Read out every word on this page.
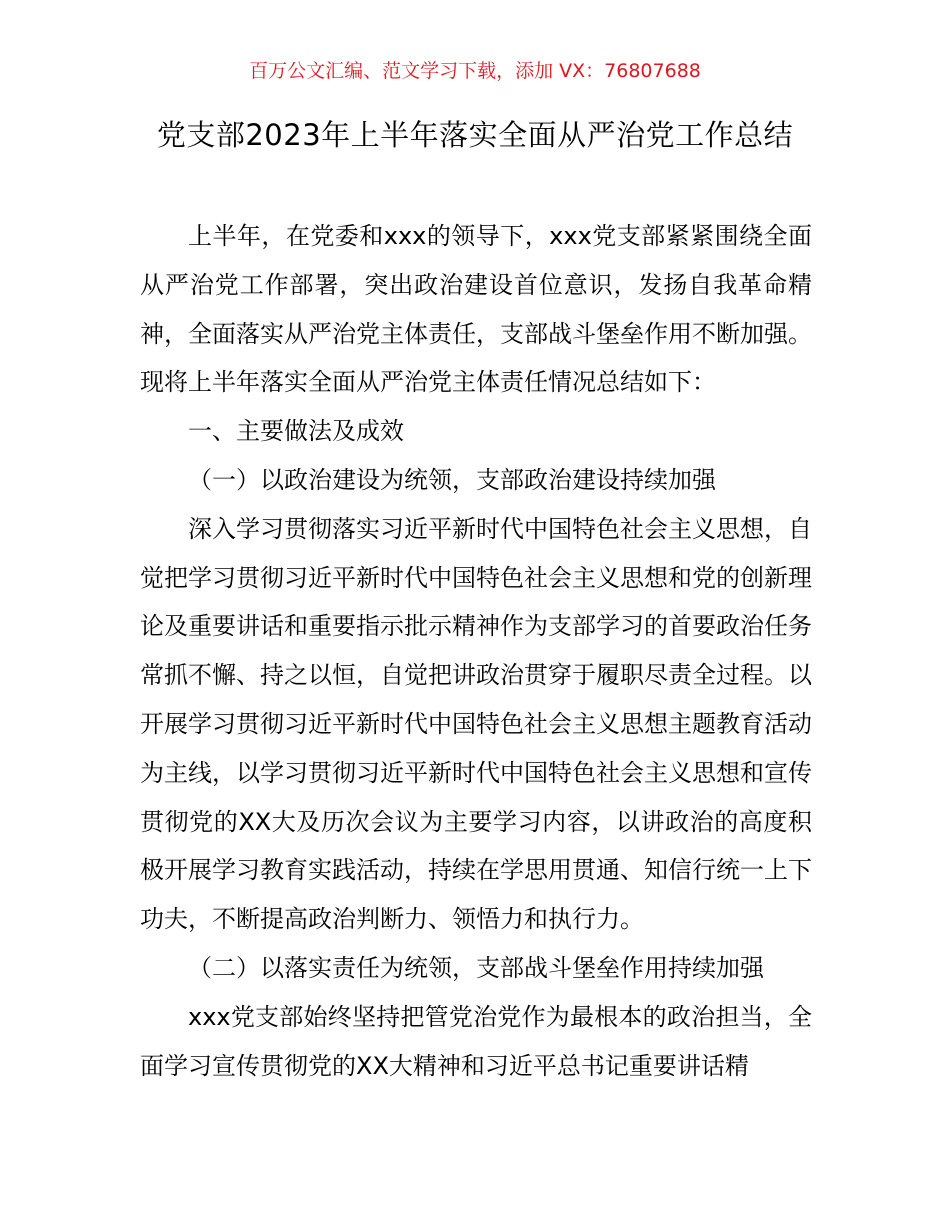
百万公文汇编、范文学习下载，添加 VX：76807688
党支部2023年上半年落实全面从严治党工作总结

上半年，在党委和xxx的领导下，xxx党支部紧紧围绕全面从严治党工作部署，突出政治建设首位意识，发扬自我革命精神，全面落实从严治党主体责任，支部战斗堡垒作用不断加强。现将上半年落实全面从严治党主体责任情况总结如下：

一、主要做法及成效

（一）以政治建设为统领，支部政治建设持续加强

深入学习贯彻落实习近平新时代中国特色社会主义思想，自觉把学习贯彻习近平新时代中国特色社会主义思想和党的创新理论及重要讲话和重要指示批示精神作为支部学习的首要政治任务常抓不懈、持之以恒，自觉把讲政治贯穿于履职尽责全过程。以开展学习贯彻习近平新时代中国特色社会主义思想主题教育活动为主线，以学习贯彻习近平新时代中国特色社会主义思想和宣传贯彻党的XX大及历次会议为主要学习内容，以讲政治的高度积极开展学习教育实践活动，持续在学思用贯通、知信行统一上下功夫，不断提高政治判断力、领悟力和执行力。

（二）以落实责任为统领，支部战斗堡垒作用持续加强

xxx党支部始终坚持把管党治党作为最根本的政治担当，全面学习宣传贯彻党的XX大精神和习近平总书记重要讲话精
